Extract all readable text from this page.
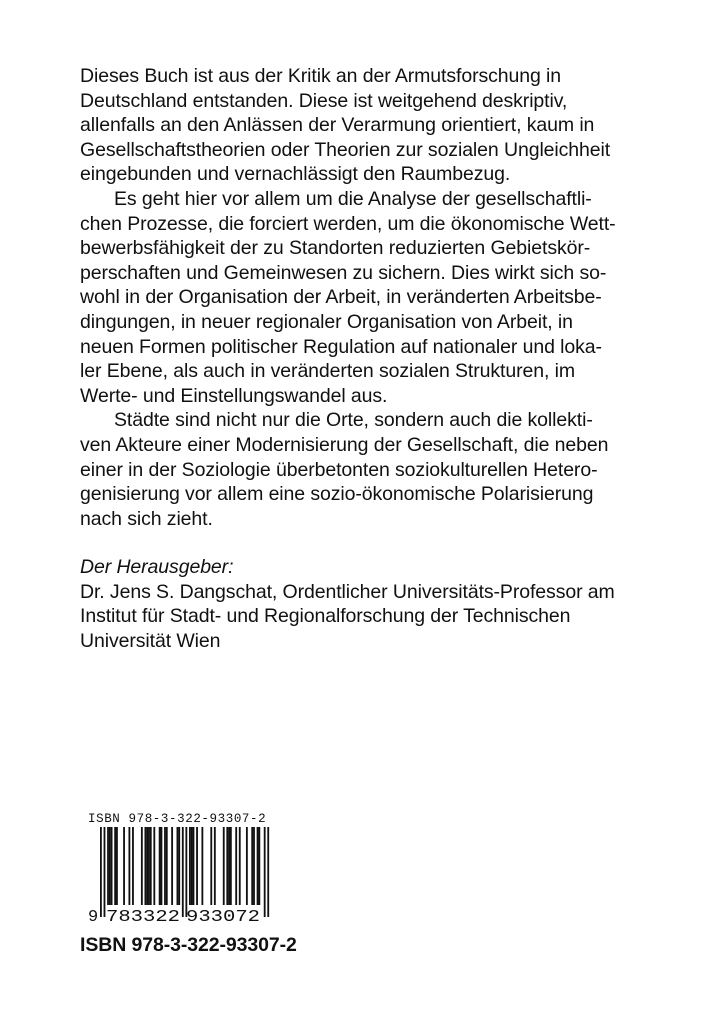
Dieses Buch ist aus der Kritik an der Armutsforschung in
Deutschland entstanden. Diese ist weitgehend deskriptiv,
allenfalls an den Anlässen der Verarmung orientiert, kaum in
Gesellschaftstheorien oder Theorien zur sozialen Ungleichheit
eingebunden und vernachlässigt den Raumbezug.
Es geht hier vor allem um die Analyse der gesellschaftli-
chen Prozesse, die forciert werden, um die ökonomische Wett-
bewerbsfähigkeit der zu Standorten reduzierten Gebietskör-
perschaften und Gemeinwesen zu sichern. Dies wirkt sich so-
wohl in der Organisation der Arbeit, in veränderten Arbeitsbe-
dingungen, in neuer regionaler Organisation von Arbeit, in
neuen Formen politischer Regulation auf nationaler und loka-
ler Ebene, als auch in veränderten sozialen Strukturen, im
Werte- und Einstellungswandel aus.
Städte sind nicht nur die Orte, sondern auch die kollekti-
ven Akteure einer Modernisierung der Gesellschaft, die neben
einer in der Soziologie überbetonten soziokulturellen Hetero-
genisierung vor allem eine sozio-ökonomische Polarisierung
nach sich zieht.
Der Herausgeber:
Dr. Jens S. Dangschat, Ordentlicher Universitäts-Professor am
Institut für Stadt- und Regionalforschung der Technischen
Universität Wien
ISBN 978-3-322-93307-2
9 783322 933072
ISBN 978-3-322-93307-2
